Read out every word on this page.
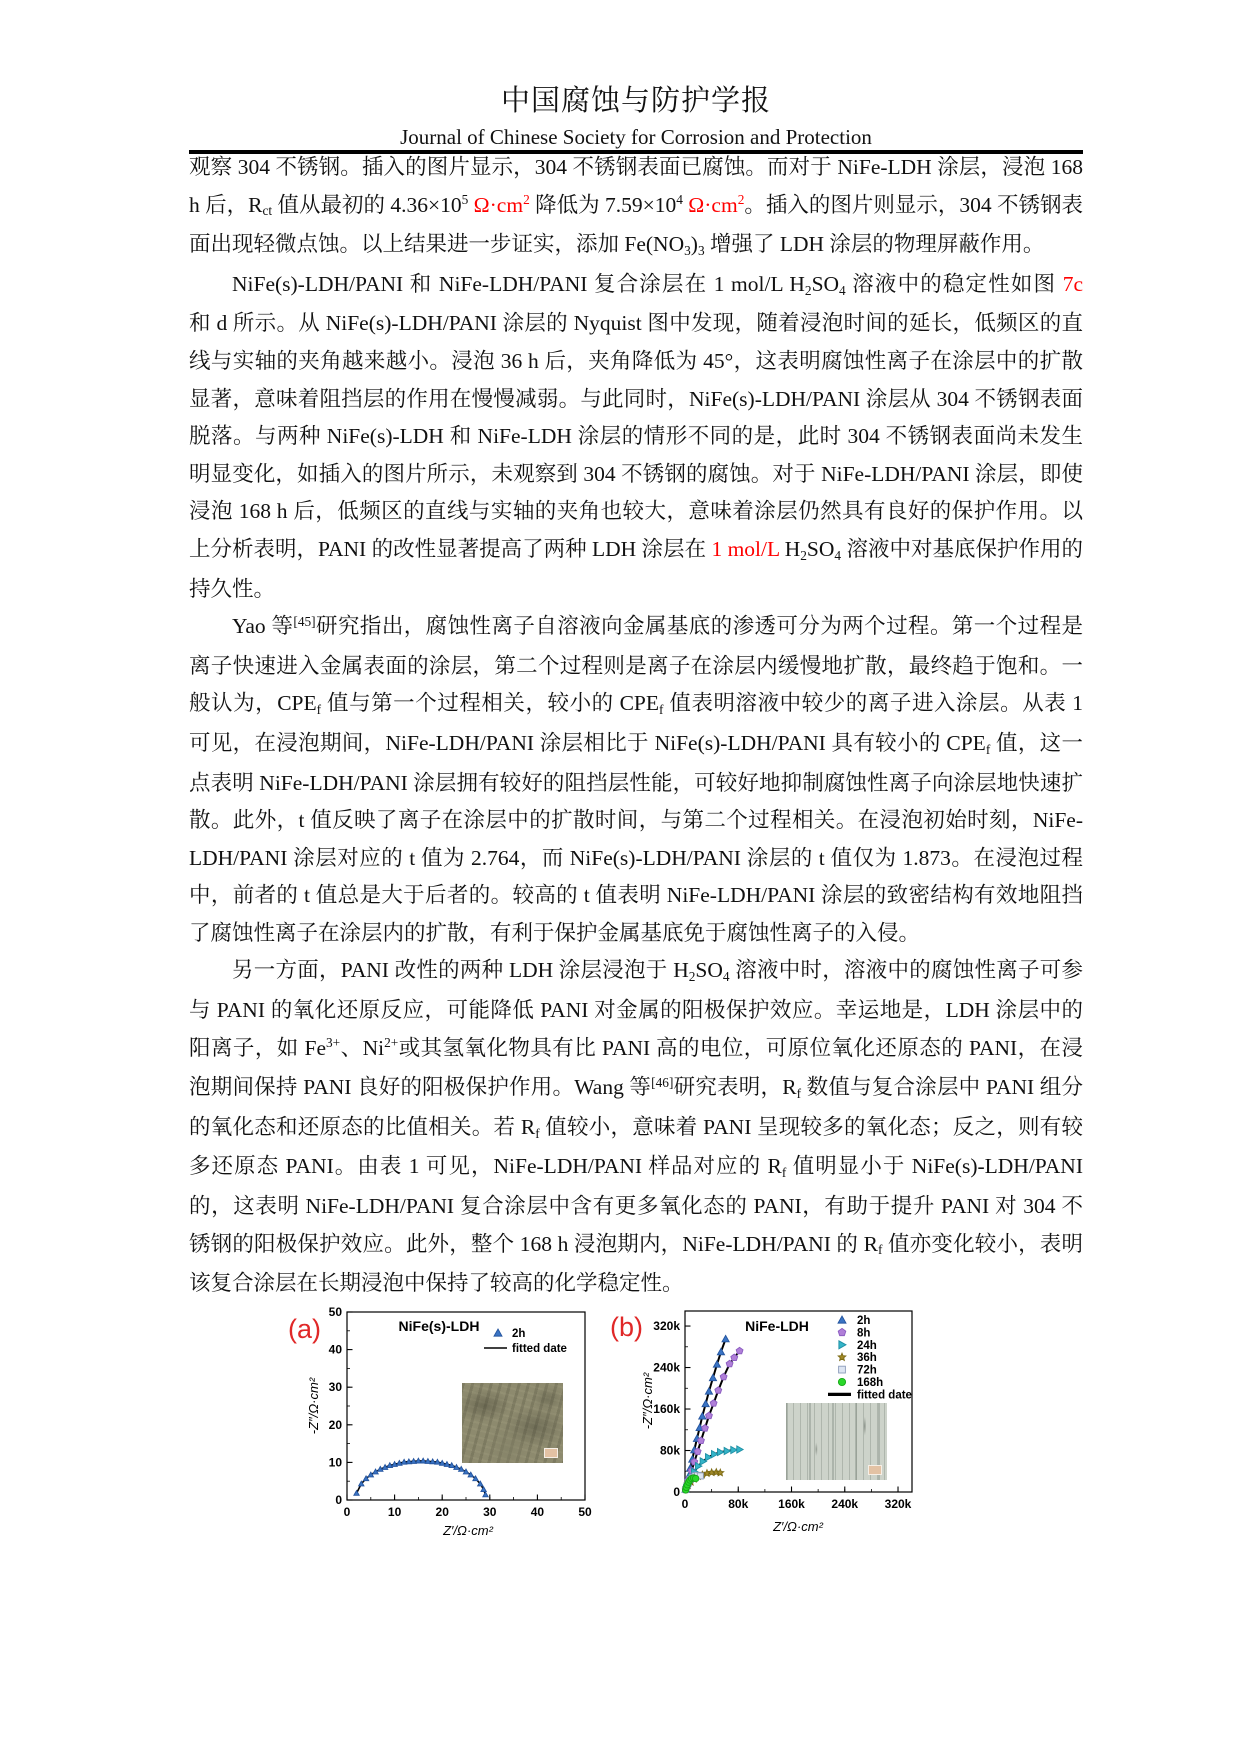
中国腐蚀与防护学报
Journal of Chinese Society for Corrosion and Protection

观察 304 不锈钢。插入的图片显示，304 不锈钢表面已腐蚀。而对于 NiFe-LDH 涂层，浸泡 168 h 后，Rct 值从最初的 $4.36\times 10^5$ $\Omega\cdot cm^2$ 降低为 $7.59\times 10^4$ $\Omega\cdot cm^2$。插入的图片则显示，304 不锈钢表面出现轻微点蚀。以上结果进一步证实，添加 Fe(NO3)3 增强了 LDH 涂层的物理屏蔽作用。

NiFe(s)-LDH/PANI 和 NiFe-LDH/PANI 复合涂层在 1 mol/L H2SO4 溶液中的稳定性如图 7c 和 d 所示。从 NiFe(s)-LDH/PANI 涂层的 Nyquist 图中发现，随着浸泡时间的延长，低频区的直线与实轴的夹角越来越小。浸泡 36 h 后，夹角降低为 45°，这表明腐蚀性离子在涂层中的扩散显著，意味着阻挡层的作用在慢慢减弱。与此同时，NiFe(s)-LDH/PANI 涂层从 304 不锈钢表面脱落。与两种 NiFe(s)-LDH 和 NiFe-LDH 涂层的情形不同的是，此时 304 不锈钢表面尚未发生明显变化，如插入的图片所示，未观察到 304 不锈钢的腐蚀。对于 NiFe-LDH/PANI 涂层，即使浸泡 168 h 后，低频区的直线与实轴的夹角也较大，意味着涂层仍然具有良好的保护作用。以上分析表明，PANI 的改性显著提高了两种 LDH 涂层在 1 mol/L H2SO4 溶液中对基底保护作用的持久性。

Yao 等[45]研究指出，腐蚀性离子自溶液向金属基底的渗透可分为两个过程。第一个过程是离子快速进入金属表面的涂层，第二个过程则是离子在涂层内缓慢地扩散，最终趋于饱和。一般认为，CPEf 值与第一个过程相关，较小的 CPEf 值表明溶液中较少的离子进入涂层。从表 1 可见，在浸泡期间，NiFe-LDH/PANI 涂层相比于 NiFe(s)-LDH/PANI 具有较小的 CPEf 值，这一点表明 NiFe-LDH/PANI 涂层拥有较好的阻挡层性能，可较好地抑制腐蚀性离子向涂层地快速扩散。此外，t 值反映了离子在涂层中的扩散时间，与第二个过程相关。在浸泡初始时刻，NiFe-LDH/PANI 涂层对应的 t 值为 2.764，而 NiFe(s)-LDH/PANI 涂层的 t 值仅为 1.873。在浸泡过程中，前者的 t 值总是大于后者的。较高的 t 值表明 NiFe-LDH/PANI 涂层的致密结构有效地阻挡了腐蚀性离子在涂层内的扩散，有利于保护金属基底免于腐蚀性离子的入侵。

另一方面，PANI 改性的两种 LDH 涂层浸泡于 H2SO4 溶液中时，溶液中的腐蚀性离子可参与 PANI 的氧化还原反应，可能降低 PANI 对金属的阳极保护效应。幸运地是，LDH 涂层中的阳离子，如 $Fe^{3+}$、$Ni^{2+}$或其氢氧化物具有比 PANI 高的电位，可原位氧化还原态的 PANI，在浸泡期间保持 PANI 良好的阳极保护作用。Wang 等[46]研究表明，Rf 数值与复合涂层中 PANI 组分的氧化态和还原态的比值相关。若 Rf 值较小，意味着 PANI 呈现较多的氧化态；反之，则有较多还原态 PANI。由表 1 可见，NiFe-LDH/PANI 样品对应的 Rf 值明显小于 NiFe(s)-LDH/PANI 的，这表明 NiFe-LDH/PANI 复合涂层中含有更多氧化态的 PANI，有助于提升 PANI 对 304 不锈钢的阳极保护效应。此外，整个 168 h 浸泡期内，NiFe-LDH/PANI 的 Rf 值亦变化较小，表明该复合涂层在长期浸泡中保持了较高的化学稳定性。

(a)
0	10	20	30	40	50
0
10
20
30
40
50
NiFe(s)-LDH
Z′/Ω·cm²
-Z″/Ω·cm²
2h
fitted date
(b)
0	80k 160k 240k 320k
0
80k
160k
240k
320k	NiFe-LDH
Z′/Ω·cm²
-Z″/Ω·cm²
2h
8h
24h
36h
72h
168h
fitted date
